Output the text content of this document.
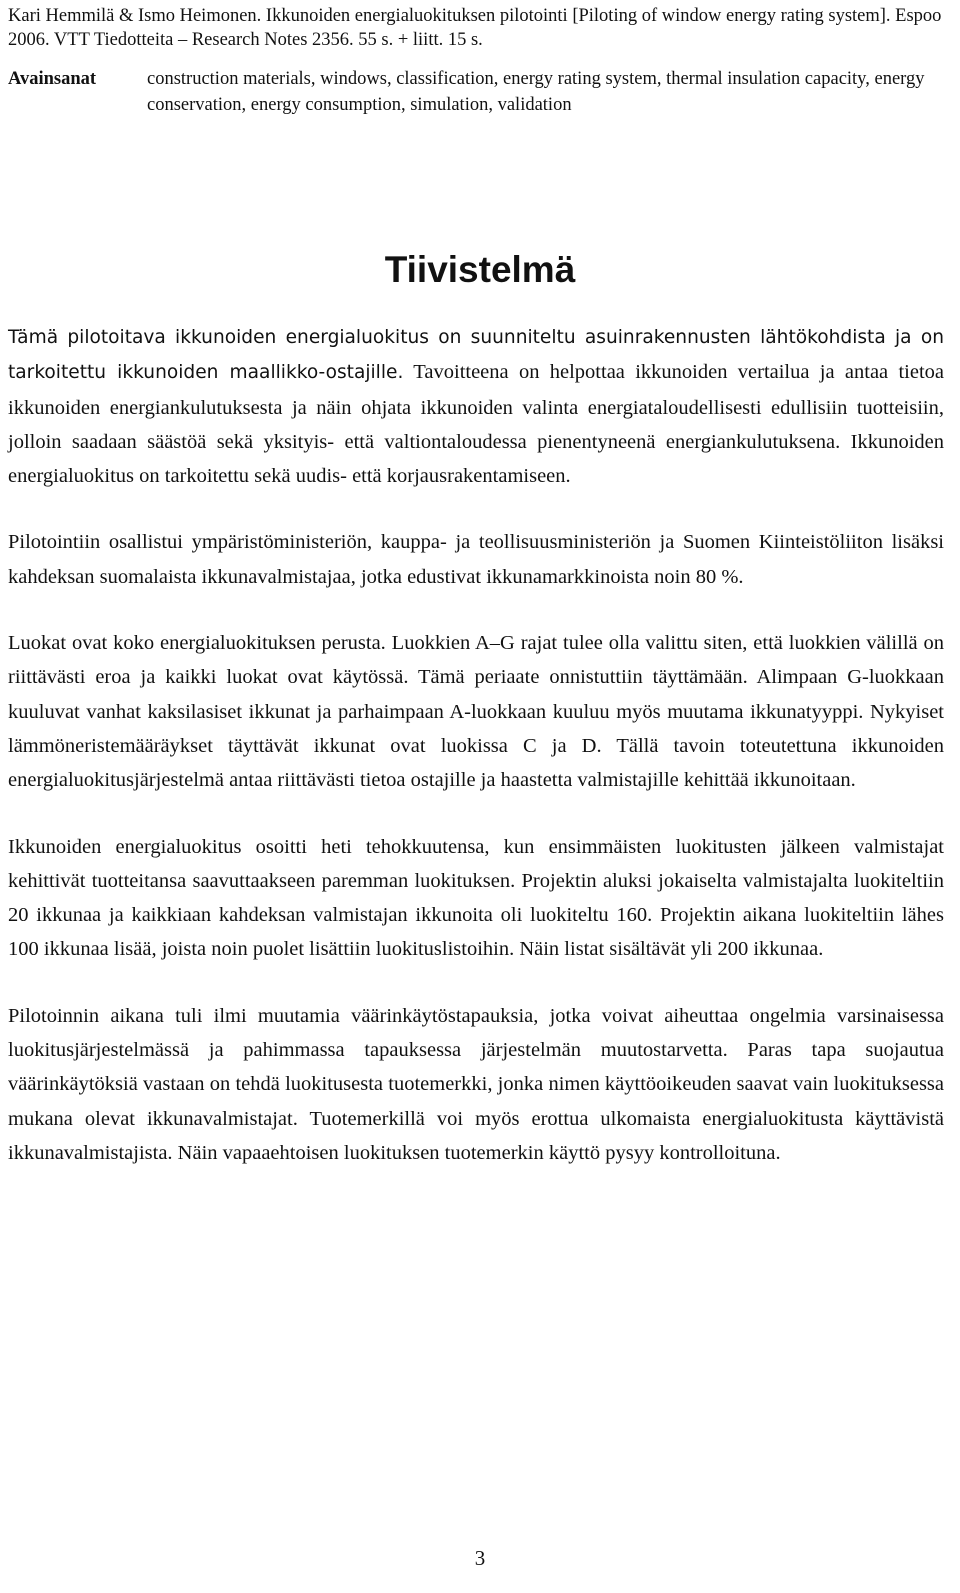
Kari Hemmilä & Ismo Heimonen. Ikkunoiden energialuokituksen pilotointi [Piloting of window energy rating system]. Espoo 2006. VTT Tiedotteita – Research Notes 2356. 55 s. + liitt. 15 s.

Avainsanat	construction materials, windows, classification, energy rating system, thermal insulation capacity, energy conservation, energy consumption, simulation, validation

Tiivistelmä

Tämä pilotoitava ikkunoiden energialuokitus on suunniteltu asuinrakennusten lähtökohdista ja on tarkoitettu ikkunoiden maallikko-ostajille. Tavoitteena on helpottaa ikkunoiden vertailua ja antaa tietoa ikkunoiden energiankulutuksesta ja näin ohjata ikkunoiden valinta energiataloudellisesti edullisiin tuotteisiin, jolloin saadaan säästöä sekä yksityis- että valtiontaloudessa pienentyneenä energiankulutuksena. Ikkunoiden energialuokitus on tarkoitettu sekä uudis- että korjausrakentamiseen.

Pilotointiin osallistui ympäristöministeriön, kauppa- ja teollisuusministeriön ja Suomen Kiinteistöliiton lisäksi kahdeksan suomalaista ikkunavalmistajaa, jotka edustivat ikkunamarkkinoista noin 80 %.

Luokat ovat koko energialuokituksen perusta. Luokkien A–G rajat tulee olla valittu siten, että luokkien välillä on riittävästi eroa ja kaikki luokat ovat käytössä. Tämä periaate onnistuttiin täyttämään. Alimpaan G-luokkaan kuuluvat vanhat kaksilasiset ikkunat ja parhaimpaan A-luokkaan kuuluu myös muutama ikkunatyyppi. Nykyiset lämmöneristemääräykset täyttävät ikkunat ovat luokissa C ja D. Tällä tavoin toteutettuna ikkunoiden energialuokitusjärjestelmä antaa riittävästi tietoa ostajille ja haastetta valmistajille kehittää ikkunoitaan.

Ikkunoiden energialuokitus osoitti heti tehokkuutensa, kun ensimmäisten luokitusten jälkeen valmistajat kehittivät tuotteitansa saavuttaakseen paremman luokituksen. Projektin aluksi jokaiselta valmistajalta luokiteltiin 20 ikkunaa ja kaikkiaan kahdeksan valmistajan ikkunoita oli luokiteltu 160. Projektin aikana luokiteltiin lähes 100 ikkunaa lisää, joista noin puolet lisättiin luokituslistoihin. Näin listat sisältävät yli 200 ikkunaa.

Pilotoinnin aikana tuli ilmi muutamia väärinkäytöstapauksia, jotka voivat aiheuttaa ongelmia varsinaisessa luokitusjärjestelmässä ja pahimmassa tapauksessa järjestelmän muutostarvetta. Paras tapa suojautua väärinkäytöksiä vastaan on tehdä luokitusesta tuotemerkki, jonka nimen käyttöoikeuden saavat vain luokituksessa mukana olevat ikkunavalmistajat. Tuotemerkillä voi myös erottua ulkomaista energialuokitusta käyttävistä ikkunavalmistajista. Näin vapaaehtoisen luokituksen tuotemerkin käyttö pysyy kontrolloituna.

3
